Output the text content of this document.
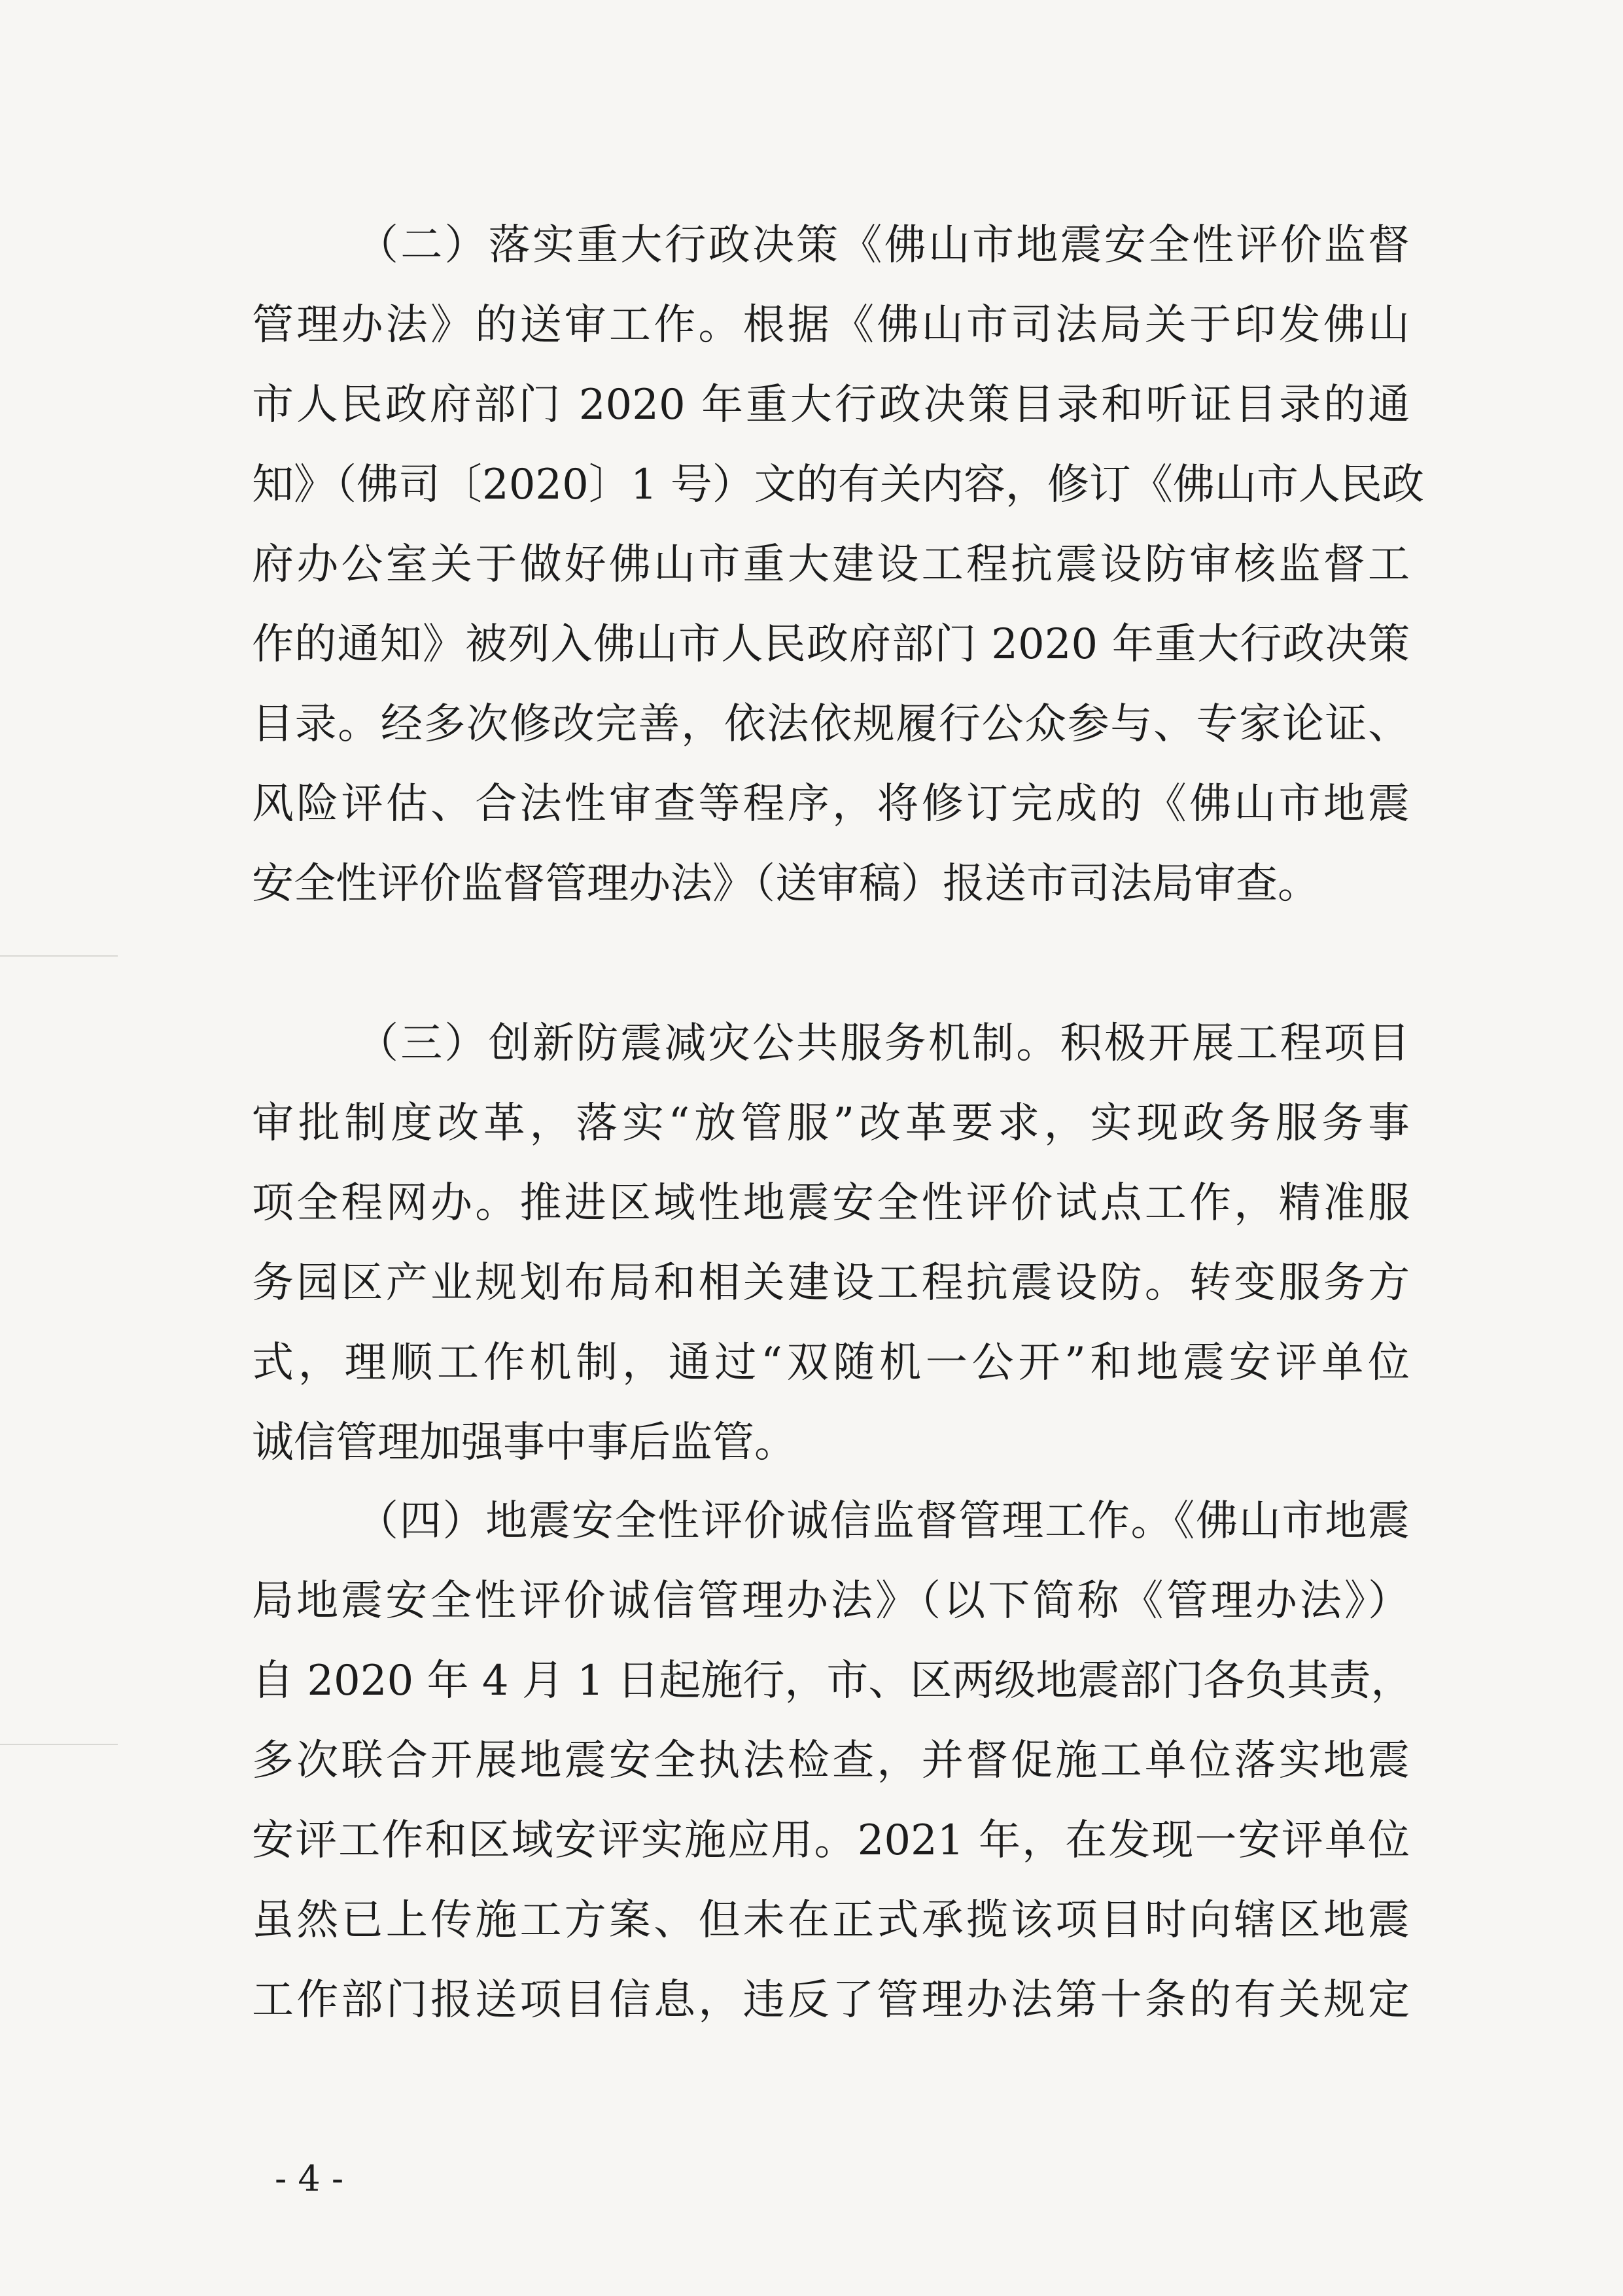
（二）落实重大行政决策《佛山市地震安全性评价监督
管理办法》的送审工作。根据《佛山市司法局关于印发佛山
市人民政府部门 2020 年重大行政决策目录和听证目录的通
知》（佛司〔2020〕1 号）文的有关内容，修订《佛山市人民政
府办公室关于做好佛山市重大建设工程抗震设防审核监督工
作的通知》被列入佛山市人民政府部门 2020 年重大行政决策
目录。经多次修改完善，依法依规履行公众参与、专家论证、
风险评估、合法性审查等程序，将修订完成的《佛山市地震
安全性评价监督管理办法》（送审稿）报送市司法局审查。
（三）创新防震减灾公共服务机制。积极开展工程项目
审批制度改革，落实“放管服”改革要求，实现政务服务事
项全程网办。推进区域性地震安全性评价试点工作，精准服
务园区产业规划布局和相关建设工程抗震设防。转变服务方
式，理顺工作机制，通过“双随机一公开”和地震安评单位
诚信管理加强事中事后监管。
（四）地震安全性评价诚信监督管理工作。《佛山市地震
局地震安全性评价诚信管理办法》（以下简称《管理办法》）
自 2020 年 4 月 1 日起施行，市、区两级地震部门各负其责，
多次联合开展地震安全执法检查，并督促施工单位落实地震
安评工作和区域安评实施应用。2021 年，在发现一安评单位
虽然已上传施工方案、但未在正式承揽该项目时向辖区地震
工作部门报送项目信息，违反了管理办法第十条的有关规定
- 4 -
